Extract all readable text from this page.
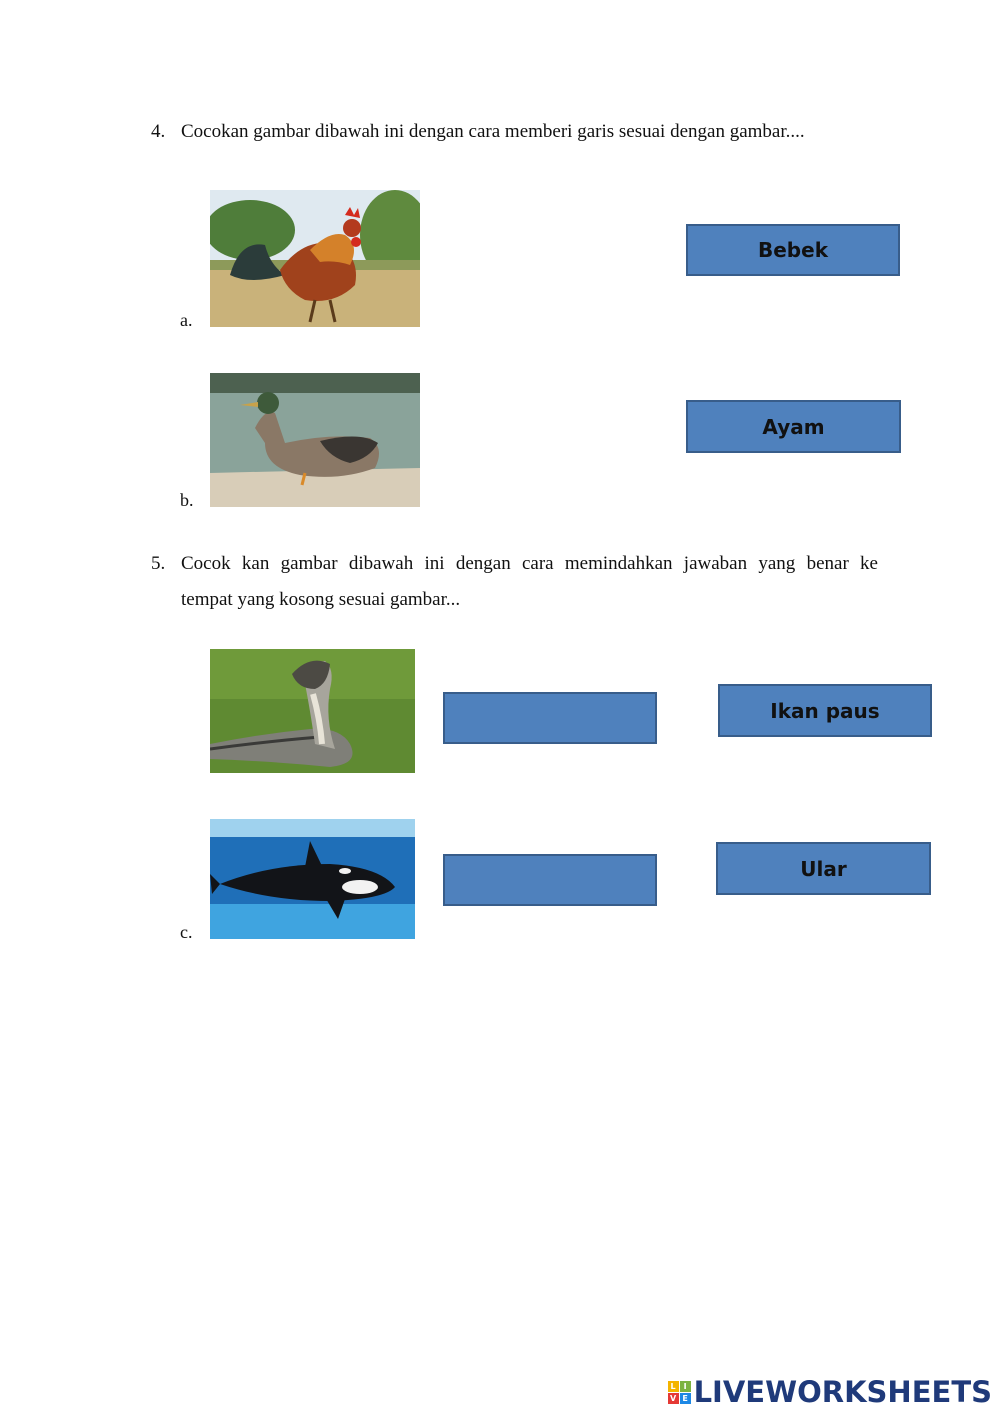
4. Cocokan gambar dibawah ini dengan cara memberi garis sesuai dengan gambar....
a.
Bebek
b.
Ayam
5. Cocok kan gambar dibawah ini dengan cara memindahkan jawaban yang benar ke
tempat yang kosong sesuai gambar...
Ikan paus
c.
Ular
L I
V E LIVEWORKSHEETS
